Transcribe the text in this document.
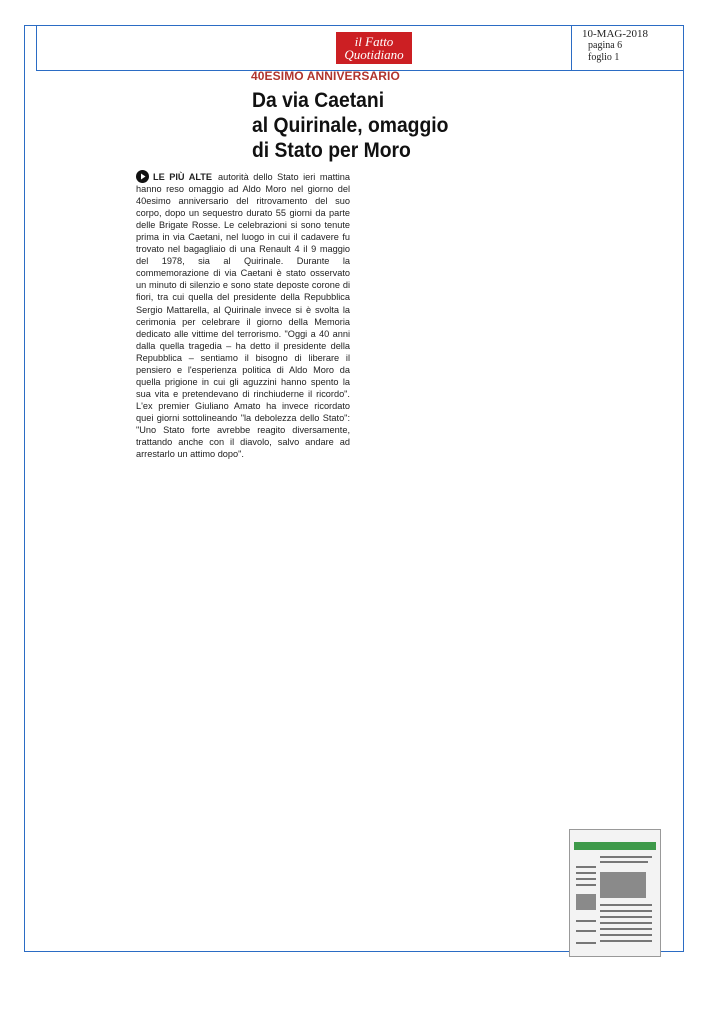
il Fatto
Quotidiano
10-MAG-2018
pagina 6
foglio 1
40ESIMO ANNIVERSARIO
Da via Caetani
al Quirinale, omaggio
di Stato per Moro

LE PIÙ ALTE autorità dello Stato ieri mattina hanno reso omaggio ad Aldo Moro nel giorno del 40esimo anniversario del ritrovamento del suo corpo, dopo un sequestro durato 55 giorni da parte delle Brigate Rosse. Le celebrazioni si sono tenute prima in via Caetani, nel luogo in cui il cadavere fu trovato nel bagagliaio di una Renault 4 il 9 maggio del 1978, sia al Quirinale. Durante la commemorazione di via Caetani è stato osservato un minuto di silenzio e sono state deposte corone di fiori, tra cui quella del presidente della Repubblica Sergio Mattarella, al Quirinale invece si è svolta la cerimonia per celebrare il giorno della Memoria dedicato alle vittime del terrorismo. "Oggi a 40 anni dalla quella tragedia – ha detto il presidente della Repubblica – sentiamo il bisogno di liberare il pensiero e l'esperienza politica di Aldo Moro da quella prigione in cui gli aguzzini hanno spento la sua vita e pretendevano di rinchiuderne il ricordo". L'ex premier Giuliano Amato ha invece ricordato quei giorni sottolineando "la debolezza dello Stato": "Uno Stato forte avrebbe reagito diversamente, trattando anche con il diavolo, salvo andare ad arrestarlo un attimo dopo".
